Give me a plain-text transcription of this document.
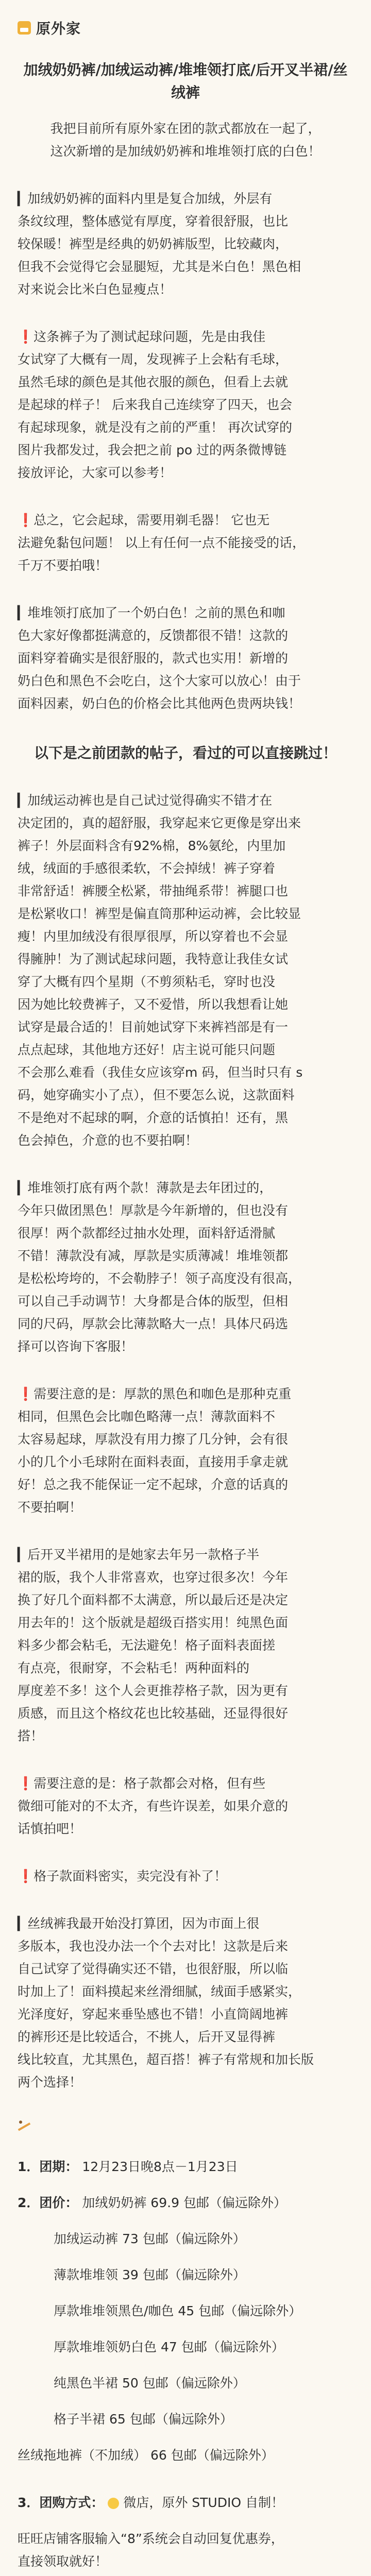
原外家
加绒奶奶裤/加绒运动裤/堆堆领打底/后开叉半裙/丝绒裤

我把目前所有原外家在团的款式都放在一起了，

这次新增的是加绒奶奶裤和堆堆领打底的白色！

▎加绒奶奶裤的面料内里是复合加绒，外层有

条纹纹理，整体感觉有厚度，穿着很舒服，也比

较保暖！裤型是经典的奶奶裤版型，比较藏肉，

但我不会觉得它会显腿短，尤其是米白色！黑色相

对来说会比米白色显瘦点！

❗这条裤子为了测试起球问题，先是由我佳

女试穿了大概有一周，发现裤子上会粘有毛球，

虽然毛球的颜色是其他衣服的颜色，但看上去就

是起球的样子！ 后来我自己连续穿了四天，也会

有起球现象，就是没有之前的严重！ 再次试穿的

图片我都发过，我会把之前 po 过的两条微博链

接放评论，大家可以参考！

❗总之，它会起球，需要用剃毛器！ 它也无

法避免黏包问题！ 以上有任何一点不能接受的话，

千万不要拍哦！

▎堆堆领打底加了一个奶白色！之前的黑色和咖

色大家好像都挺满意的，反馈都很不错！这款的

面料穿着确实是很舒服的，款式也实用！新增的

奶白色和黑色不会吃白，这个大家可以放心！由于

面料因素，奶白色的价格会比其他两色贵两块钱！

以下是之前团款的帖子，看过的可以直接跳过！

▎加绒运动裤也是自己试过觉得确实不错才在

决定团的，真的超舒服，我穿起来它更像是穿出来

裤子！外层面料含有92%棉，8%氨纶，内里加

绒，绒面的手感很柔软，不会掉绒！裤子穿着

非常舒适！裤腰全松紧，带抽绳系带！裤腿口也

是松紧收口！裤型是偏直筒那种运动裤，会比较显

瘦！内里加绒没有很厚很厚，所以穿着也不会显

得臃肿！为了测试起球问题，我特意让我佳女试

穿了大概有四个星期（不剪须粘毛，穿时也没

因为她比较费裤子，又不爱惜，所以我想看让她

试穿是最合适的！目前她试穿下来裤裆部是有一

点点起球，其他地方还好！店主说可能只问题

不会那么难看（我佳女应该穿m 码，但当时只有 s

码，她穿确实小了点），但不要怎么说，这款面料

不是绝对不起球的啊，介意的话慎拍！还有，黑

色会掉色，介意的也不要拍啊！

▎堆堆领打底有两个款！薄款是去年团过的，

今年只做团黑色！厚款是今年新增的，但也没有

很厚！两个款都经过抽水处理，面料舒适滑腻

不错！薄款没有减，厚款是实质薄减！堆堆领都

是松松垮垮的，不会勒脖子！领子高度没有很高，

可以自己手动调节！大身都是合体的版型，但相

同的尺码，厚款会比薄款略大一点！具体尺码选

择可以咨询下客服！

❗需要注意的是：厚款的黑色和咖色是那种克重

相同，但黑色会比咖色略薄一点！薄款面料不

太容易起球，厚款没有用力擦了几分钟，会有很

小的几个小毛球附在面料表面，直接用手拿走就

好！总之我不能保证一定不起球，介意的话真的

不要拍啊！

▎后开叉半裙用的是她家去年另一款格子半

裙的版，我个人非常喜欢，也穿过很多次！今年

换了好几个面料都不太满意，所以最后还是决定

用去年的！这个版就是超级百搭实用！纯黑色面

料多少都会粘毛，无法避免！格子面料表面搓

有点亮，很耐穿，不会粘毛！两种面料的

厚度差不多！这个人会更推荐格子款，因为更有

质感，而且这个格纹花也比较基础，还显得很好

搭！

❗需要注意的是：格子款都会对格，但有些

微细可能对的不太齐，有些许误差，如果介意的

话慎拍吧！

❗格子款面料密实，卖完没有补了！

▎丝绒裤我最开始没打算团，因为市面上很

多版本，我也没办法一个个去对比！这款是后来

自己试穿了觉得确实还不错，也很舒服，所以临

时加上了！面料摸起来丝滑细腻，绒面手感紧实，

光泽度好，穿起来垂坠感也不错！小直筒阔地裤

的裤形还是比较适合，不挑人，后开叉显得裤

线比较直，尤其黑色，超百搭！裤子有常规和加长版

两个选择！

1．团期： 12月23日晚8点－1月23日

2．团价： 加绒奶奶裤 69.9 包邮（偏远除外）

加绒运动裤 73 包邮（偏远除外）
薄款堆堆领 39 包邮（偏远除外）
厚款堆堆领黑色/咖色 45 包邮（偏远除外）
厚款堆堆领奶白色 47 包邮（偏远除外）
纯黑色半裙 50 包邮（偏远除外）
格子半裙 65 包邮（偏远除外）

丝绒拖地裤（不加绒） 66 包邮（偏远除外）

3．团购方式： 微店，原外 STUDIO 自制！

旺旺店铺客服输入“8”系统会自动回复优惠券，

直接领取就好！
